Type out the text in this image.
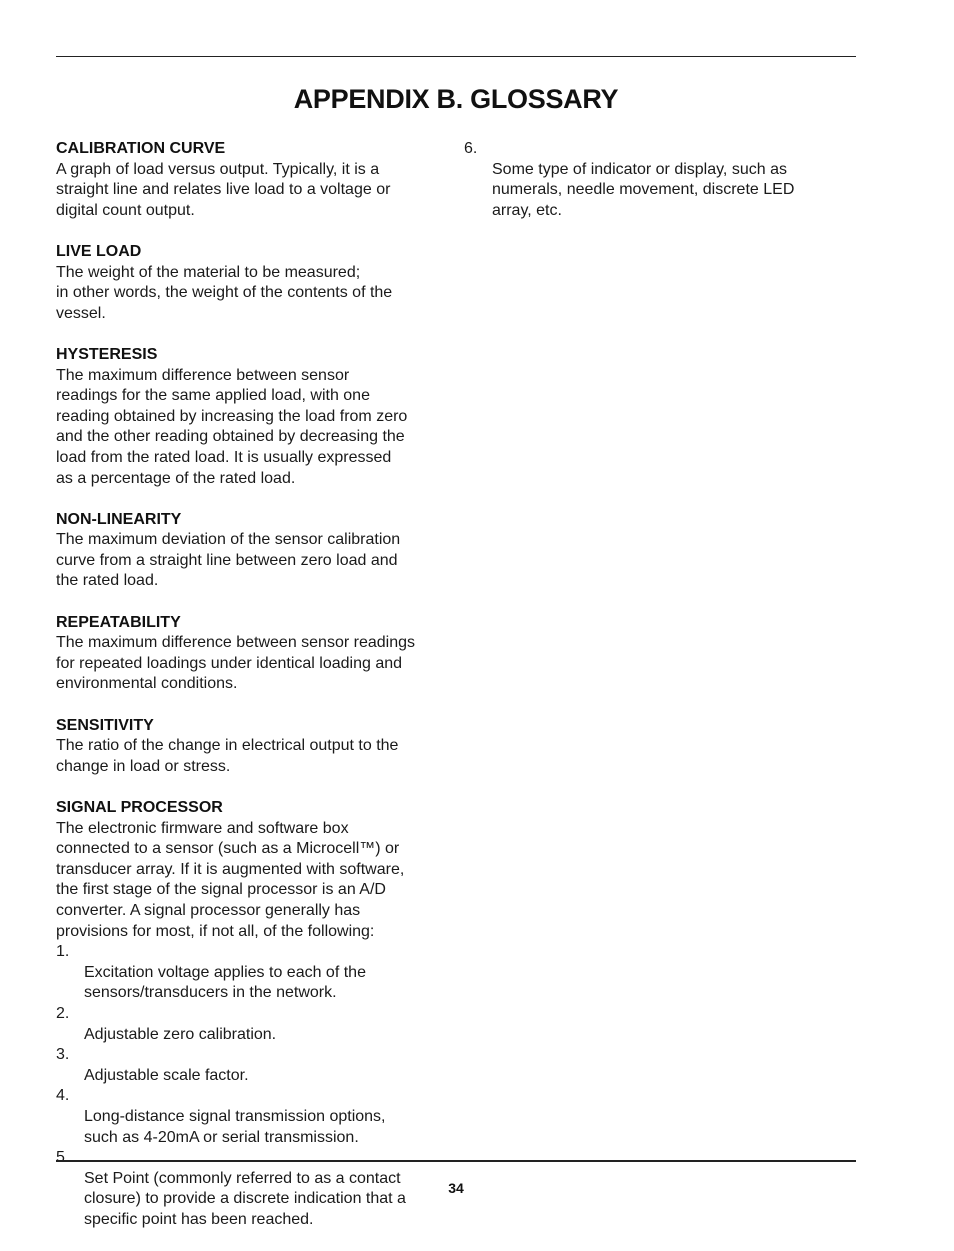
APPENDIX B. GLOSSARY
CALIBRATION CURVE
A graph of load versus output. Typically, it is a
straight line and relates live load to a voltage or
digital count output.
LIVE LOAD
The weight of the material to be measured;
in other words, the weight of the contents of the
vessel.
HYSTERESIS
The maximum difference between sensor
readings for the same applied load, with one
reading obtained by increasing the load from zero
and the other reading obtained by decreasing the
load from the rated load. It is usually expressed
as a percentage of the rated load.
NON-LINEARITY
The maximum deviation of the sensor calibration
curve from a straight line between zero load and
the rated load.
REPEATABILITY
The maximum difference between sensor readings
for repeated loadings under identical loading and
environmental conditions.
SENSITIVITY
The ratio of the change in electrical output to the
change in load or stress.
SIGNAL PROCESSOR
The electronic firmware and software box
connected to a sensor (such as a Microcell™) or
transducer array. If it is augmented with software,
the first stage of the signal processor is an A/D
converter. A signal processor generally has
provisions for most, if not all, of the following:

1.
Excitation voltage applies to each of the
sensors/transducers in the network.

2.
Adjustable zero calibration.

3.
Adjustable scale factor.

4.
Long-distance signal transmission options,
such as 4-20mA or serial transmission.

5.
Set Point (commonly referred to as a contact
closure) to provide a discrete indication that a
specific point has been reached.

6.
Some type of indicator or display, such as
numerals, needle movement, discrete LED
array, etc.

34
